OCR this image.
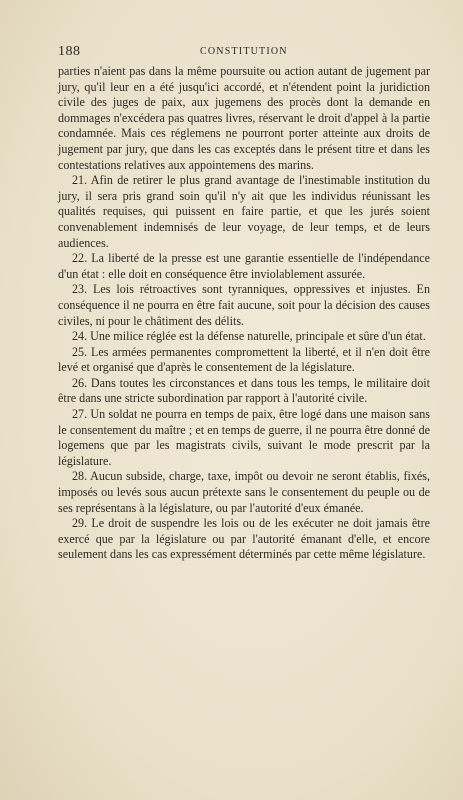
188	CONSTITUTION

parties n'aient pas dans la même poursuite ou action autant de jugement par jury, qu'il leur en a été jusqu'ici accordé, et n'étendent point la juridiction civile des juges de paix, aux jugemens des procès dont la demande en dommages n'excédera pas quatres livres, réservant le droit d'appel à la partie condamnée. Mais ces réglemens ne pourront porter atteinte aux droits de jugement par jury, que dans les cas exceptés dans le présent titre et dans les contestations relatives aux appointemens des marins.

21. Afin de retirer le plus grand avantage de l'inestimable institution du jury, il sera pris grand soin qu'il n'y ait que les individus réunissant les qualités requises, qui puissent en faire partie, et que les jurés soient convenablement indemnisés de leur voyage, de leur temps, et de leurs audiences.

22. La liberté de la presse est une garantie essentielle de l'indépendance d'un état : elle doit en conséquence être inviolablement assurée.

23. Les lois rétroactives sont tyranniques, oppressives et injustes. En conséquence il ne pourra en être fait aucune, soit pour la décision des causes civiles, ni pour le châtiment des délits.

24. Une milice réglée est la défense naturelle, principale et sûre d'un état.

25. Les armées permanentes compromettent la liberté, et il n'en doit être levé et organisé que d'après le consentement de la législature.

26. Dans toutes les circonstances et dans tous les temps, le militaire doit être dans une stricte subordination par rapport à l'autorité civile.

27. Un soldat ne pourra en temps de paix, être logé dans une maison sans le consentement du maître ; et en temps de guerre, il ne pourra être donné de logemens que par les magistrats civils, suivant le mode prescrit par la législature.

28. Aucun subside, charge, taxe, impôt ou devoir ne seront établis, fixés, imposés ou levés sous aucun prétexte sans le consentement du peuple ou de ses représentans à la législature, ou par l'autorité d'eux émanée.

29. Le droit de suspendre les lois ou de les exécuter ne doit jamais être exercé que par la législature ou par l'autorité émanant d'elle, et encore seulement dans les cas expressément déterminés par cette même législature.
